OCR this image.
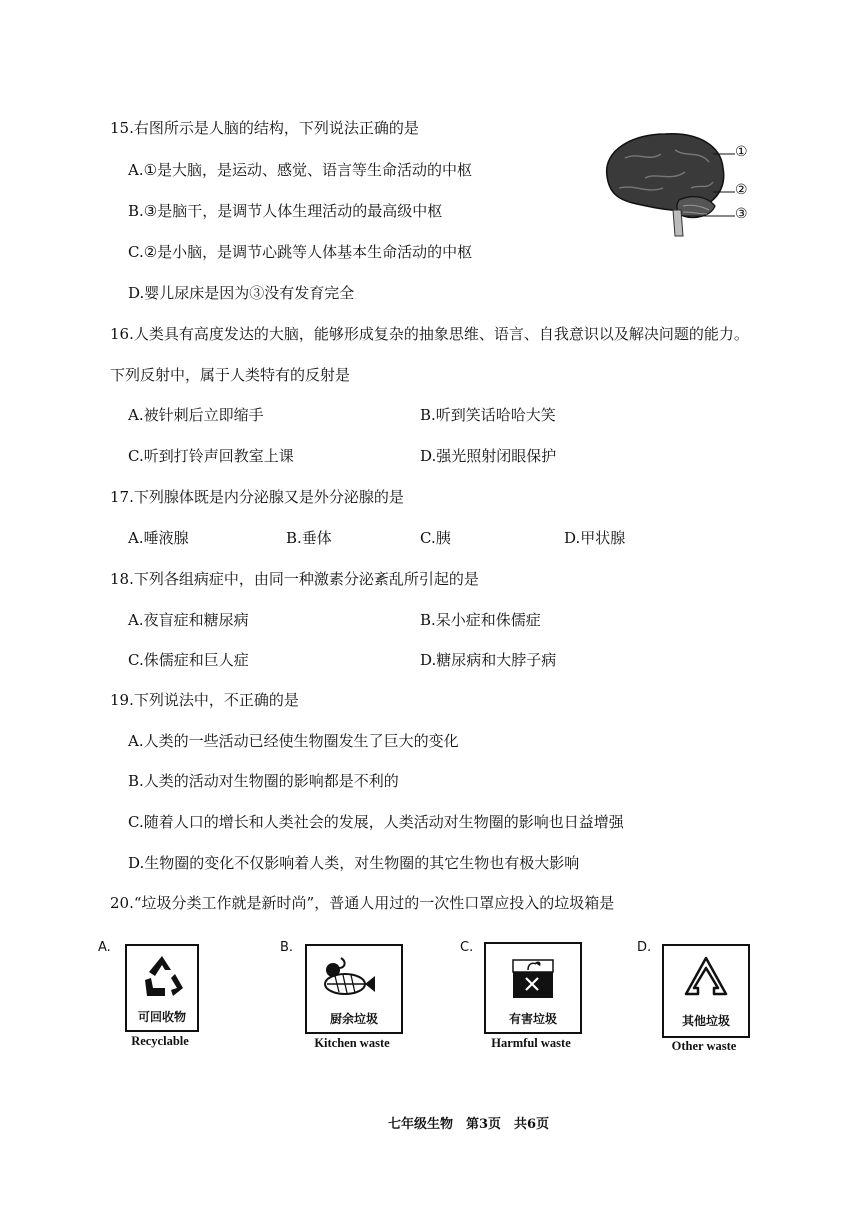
15.右图所示是人脑的结构，下列说法正确的是
A.①是大脑，是运动、感觉、语言等生命活动的中枢
B.③是脑干，是调节人体生理活动的最高级中枢
C.②是小脑，是调节心跳等人体基本生命活动的中枢
D.婴儿尿床是因为③没有发育完全
①
②
③
16.人类具有高度发达的大脑，能够形成复杂的抽象思维、语言、自我意识以及解决问题的能力。
下列反射中，属于人类特有的反射是
A.被针刺后立即缩手	B.听到笑话哈哈大笑
C.听到打铃声回教室上课	D.强光照射闭眼保护
17.下列腺体既是内分泌腺又是外分泌腺的是
A.唾液腺	B.垂体	C.胰	D.甲状腺
18.下列各组病症中，由同一种激素分泌紊乱所引起的是
A.夜盲症和糖尿病	B.呆小症和侏儒症
C.侏儒症和巨人症	D.糖尿病和大脖子病
19.下列说法中，不正确的是
A.人类的一些活动已经使生物圈发生了巨大的变化
B.人类的活动对生物圈的影响都是不利的
C.随着人口的增长和人类社会的发展，人类活动对生物圈的影响也日益增强
D.生物圈的变化不仅影响着人类，对生物圈的其它生物也有极大影响
20.“垃圾分类工作就是新时尚”，普通人用过的一次性口罩应投入的垃圾箱是
A.
可回收物
Recyclable
B.
厨余垃圾
Kitchen waste
C.
有害垃圾
Harmful waste
D.
其他垃圾
Other waste
七年级生物　第3页　共6页
